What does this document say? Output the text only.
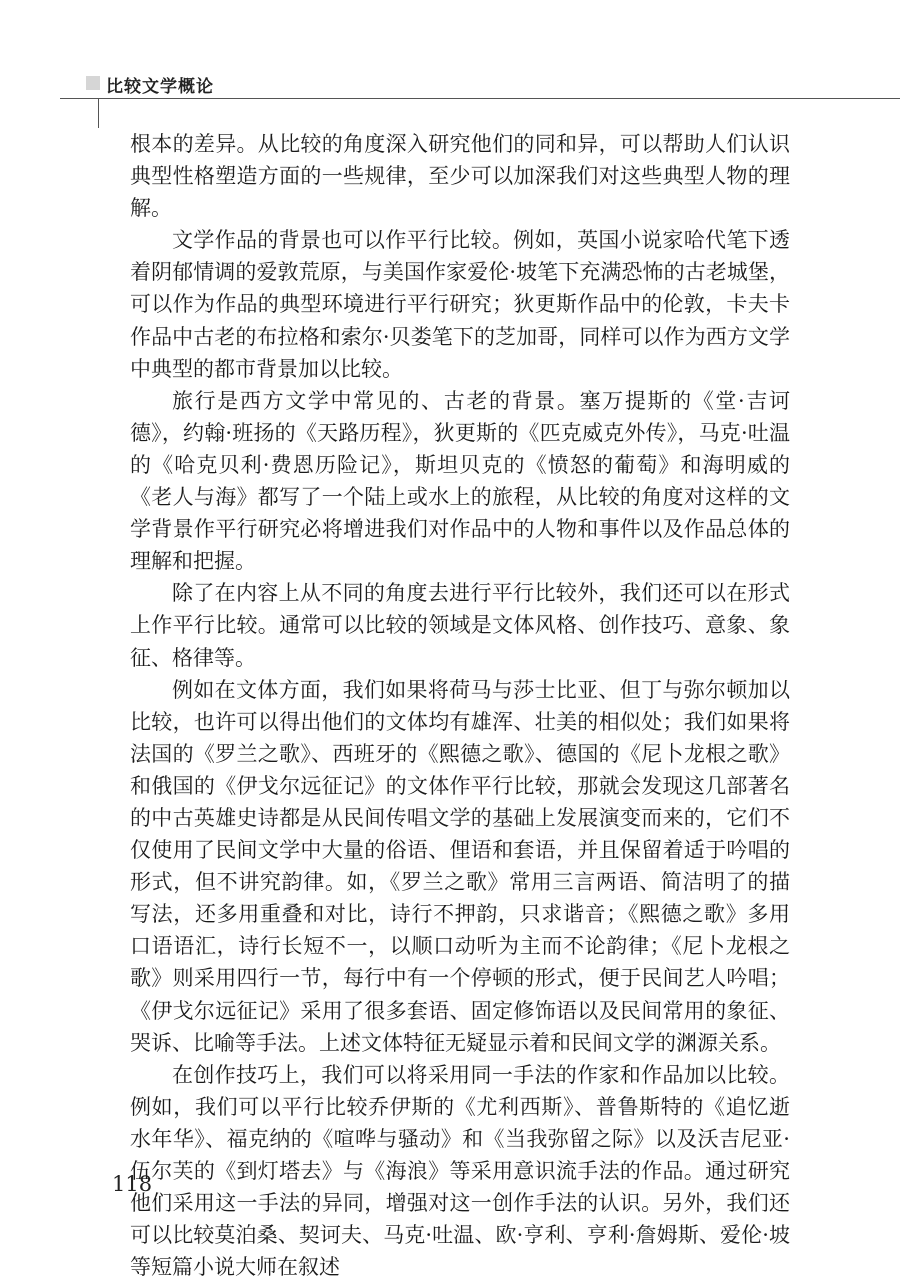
比较文学概论

根本的差异。从比较的角度深入研究他们的同和异，可以帮助人们认识典型性格塑造方面的一些规律，至少可以加深我们对这些典型人物的理解。

文学作品的背景也可以作平行比较。例如，英国小说家哈代笔下透着阴郁情调的爱敦荒原，与美国作家爱伦·坡笔下充满恐怖的古老城堡，可以作为作品的典型环境进行平行研究；狄更斯作品中的伦敦，卡夫卡作品中古老的布拉格和索尔·贝娄笔下的芝加哥，同样可以作为西方文学中典型的都市背景加以比较。

旅行是西方文学中常见的、古老的背景。塞万提斯的《堂·吉诃德》，约翰·班扬的《天路历程》，狄更斯的《匹克威克外传》，马克·吐温的《哈克贝利·费恩历险记》，斯坦贝克的《愤怒的葡萄》和海明威的《老人与海》都写了一个陆上或水上的旅程，从比较的角度对这样的文学背景作平行研究必将增进我们对作品中的人物和事件以及作品总体的理解和把握。

除了在内容上从不同的角度去进行平行比较外，我们还可以在形式上作平行比较。通常可以比较的领域是文体风格、创作技巧、意象、象征、格律等。

例如在文体方面，我们如果将荷马与莎士比亚、但丁与弥尔顿加以比较，也许可以得出他们的文体均有雄浑、壮美的相似处；我们如果将法国的《罗兰之歌》、西班牙的《熙德之歌》、德国的《尼卜龙根之歌》和俄国的《伊戈尔远征记》的文体作平行比较，那就会发现这几部著名的中古英雄史诗都是从民间传唱文学的基础上发展演变而来的，它们不仅使用了民间文学中大量的俗语、俚语和套语，并且保留着适于吟唱的形式，但不讲究韵律。如，《罗兰之歌》常用三言两语、简洁明了的描写法，还多用重叠和对比，诗行不押韵，只求谐音；《熙德之歌》多用口语语汇，诗行长短不一，以顺口动听为主而不论韵律；《尼卜龙根之歌》则采用四行一节，每行中有一个停顿的形式，便于民间艺人吟唱；《伊戈尔远征记》采用了很多套语、固定修饰语以及民间常用的象征、哭诉、比喻等手法。上述文体特征无疑显示着和民间文学的渊源关系。

在创作技巧上，我们可以将采用同一手法的作家和作品加以比较。例如，我们可以平行比较乔伊斯的《尤利西斯》、普鲁斯特的《追忆逝水年华》、福克纳的《喧哗与骚动》和《当我弥留之际》以及沃吉尼亚·伍尔芙的《到灯塔去》与《海浪》等采用意识流手法的作品。通过研究他们采用这一手法的异同，增强对这一创作手法的认识。另外，我们还可以比较莫泊桑、契诃夫、马克·吐温、欧·亨利、亨利·詹姆斯、爱伦·坡等短篇小说大师在叙述

118
